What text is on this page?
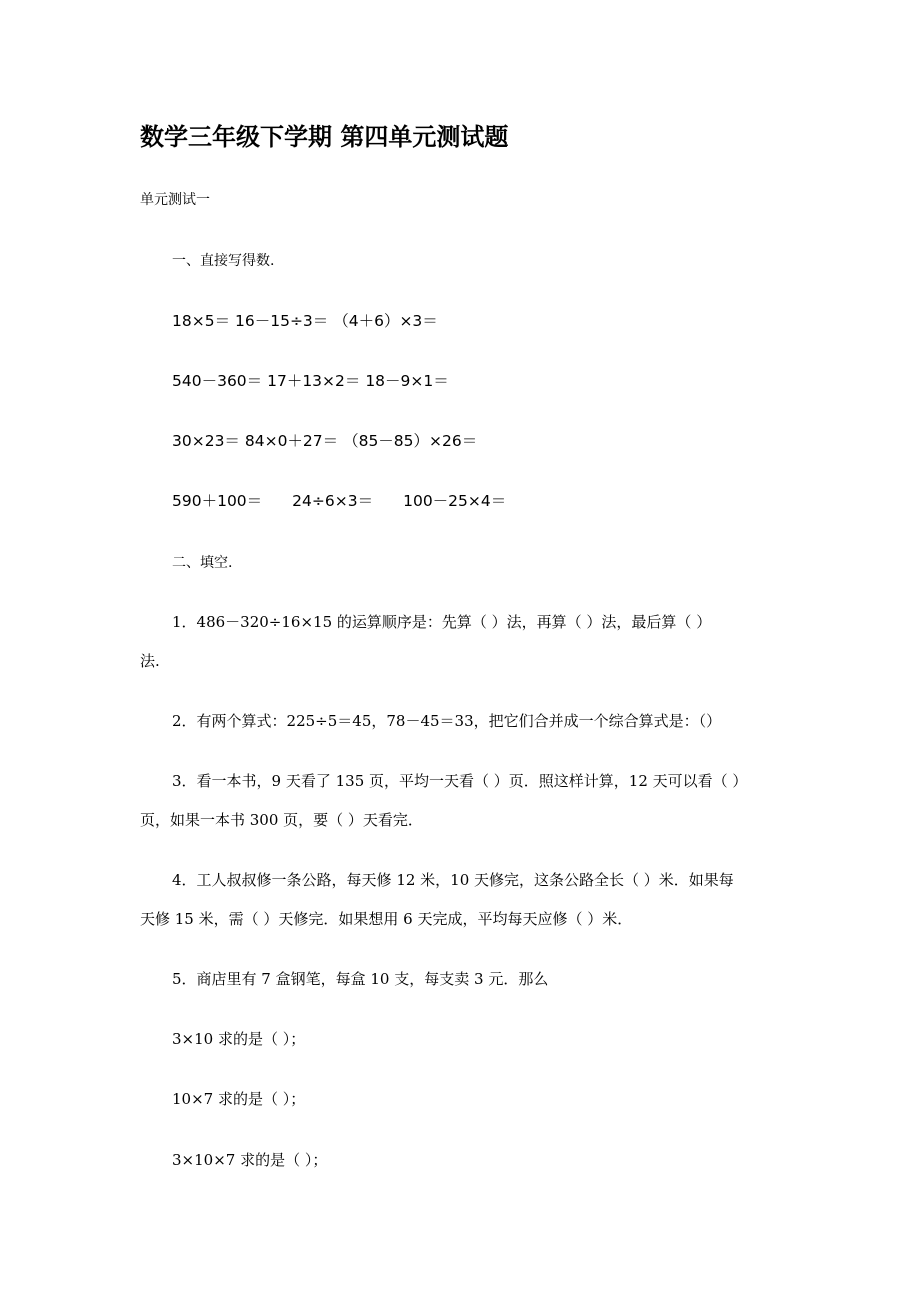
数学三年级下学期 第四单元测试题

单元测试一

一、直接写得数.

18×5＝ 16－15÷3＝ （4＋6）×3＝

540－360＝ 17＋13×2＝ 18－9×1＝

30×23＝ 84×0＋27＝ （85－85）×26＝

590＋100＝ 24÷6×3＝ 100－25×4＝

二、填空.

1．486－320÷16×15 的运算顺序是：先算（ ）法，再算（ ）法，最后算（ ）

法.

2．有两个算式：225÷5＝45，78－45＝33，把它们合并成一个综合算式是：（）

3．看一本书，9 天看了 135 页，平均一天看（ ）页．照这样计算，12 天可以看（ ）

页，如果一本书 300 页，要（ ）天看完．

4．工人叔叔修一条公路，每天修 12 米，10 天修完，这条公路全长（ ）米．如果每

天修 15 米，需（ ）天修完．如果想用 6 天完成，平均每天应修（ ）米．

5．商店里有 7 盒钢笔，每盒 10 支，每支卖 3 元．那么

3×10 求的是（ ）；

10×7 求的是（ ）；

3×10×7 求的是（ ）；
